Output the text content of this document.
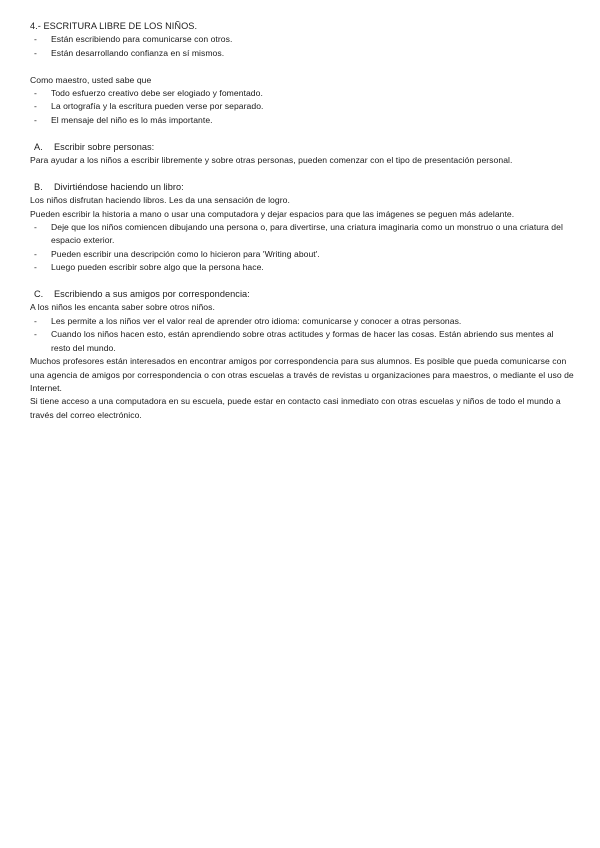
4.- ESCRITURA LIBRE DE LOS NIÑOS.

- Están escribiendo para comunicarse con otros.
- Están desarrollando confianza en sí mismos.

Como maestro, usted sabe que

- Todo esfuerzo creativo debe ser elogiado y fomentado.
- La ortografía y la escritura pueden verse por separado.
- El mensaje del niño es lo más importante.
A.	Escribir sobre personas:

Para ayudar a los niños a escribir libremente y sobre otras personas, pueden comenzar con el tipo de presentación personal.

B.	Divirtiéndose haciendo un libro:

Los niños disfrutan haciendo libros. Les da una sensación de logro.

Pueden escribir la historia a mano o usar una computadora y dejar espacios para que las imágenes se peguen más adelante.

- Deje que los niños comiencen dibujando una persona o, para divertirse, una criatura imaginaria como un monstruo o una criatura del espacio exterior.
- Pueden escribir una descripción como lo hicieron para 'Writing about'.
- Luego pueden escribir sobre algo que la persona hace.
C.	Escribiendo a sus amigos por correspondencia:

A los niños les encanta saber sobre otros niños.

- Les permite a los niños ver el valor real de aprender otro idioma: comunicarse y conocer a otras personas.
- Cuando los niños hacen esto, están aprendiendo sobre otras actitudes y formas de hacer las cosas. Están abriendo sus mentes al resto del mundo.

Muchos profesores están interesados en encontrar amigos por correspondencia para sus alumnos. Es posible que pueda comunicarse con una agencia de amigos por correspondencia o con otras escuelas a través de revistas u organizaciones para maestros, o mediante el uso de Internet.

Si tiene acceso a una computadora en su escuela, puede estar en contacto casi inmediato con otras escuelas y niños de todo el mundo a través del correo electrónico.
